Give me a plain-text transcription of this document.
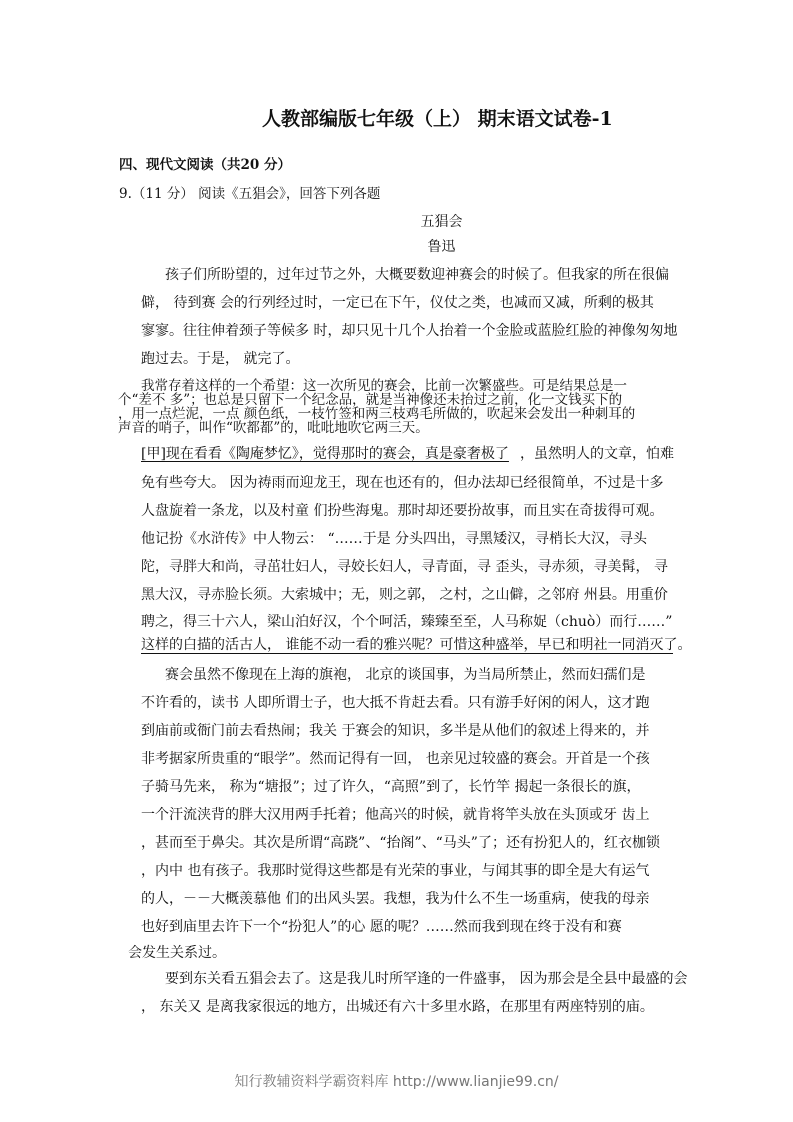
人教部编版七年级（上） 期末语文试卷-1
四、现代文阅读（共20 分）
9.（11 分） 阅读《五猖会》，回答下列各题
五猖会
鲁迅
孩子们所盼望的，过年过节之外，大概要数迎神赛会的时候了。但我家的所在很偏
僻， 待到赛 会的行列经过时，一定已在下午，仪仗之类，也减而又减，所剩的极其
寥寥。往往伸着颈子等候多 时，却只见十几个人抬着一个金脸或蓝脸红脸的神像匆匆地
跑过去。于是， 就完了。
我常存着这样的一个希望：这一次所见的赛会，比前一次繁盛些。可是结果总是一
个“差不 多”；也总是只留下一个纪念品，就是当神像还未抬过之前，化一文钱买下的
，用一点烂泥，一点 颜色纸，一枝竹签和两三枝鸡毛所做的，吹起来会发出一种刺耳的
声音的哨子，叫作“吹都都”的，吡吡地吹它两三天。
[甲]现在看看《陶庵梦忆》，觉得那时的赛会，真是豪奢极了 ，虽然明人的文章，怕难
免有些夸大。 因为祷雨而迎龙王，现在也还有的，但办法却已经很简单，不过是十多
人盘旋着一条龙，以及村童 们扮些海鬼。那时却还要扮故事，而且实在奇拔得可观。
他记扮《水浒传》中人物云： “……于是 分头四出，寻黑矮汉，寻梢长大汉，寻头
陀，寻胖大和尚，寻茁壮妇人，寻姣长妇人，寻青面，寻 歪头，寻赤须，寻美髯， 寻
黑大汉，寻赤脸长须。大索城中；无，则之郭， 之村，之山僻，之邻府 州县。用重价
聘之，得三十六人，梁山泊好汉，个个呵活，臻臻至至，人马称娖（chuò）而行……”
这样的白描的活古人， 谁能不动一看的雅兴呢？可惜这种盛举，早已和明社一同消灭了。
赛会虽然不像现在上海的旗袍， 北京的谈国事，为当局所禁止，然而妇孺们是
不许看的，读书 人即所谓士子，也大抵不肯赶去看。只有游手好闲的闲人，这才跑
到庙前或衙门前去看热闹；我关 于赛会的知识，多半是从他们的叙述上得来的，并
非考据家所贵重的“眼学”。然而记得有一回， 也亲见过较盛的赛会。开首是一个孩
子骑马先来， 称为“塘报”；过了许久，“高照”到了，长竹竿 揭起一条很长的旗，
一个汗流浃背的胖大汉用两手托着；他高兴的时候，就肯将竿头放在头顶或牙 齿上
，甚而至于鼻尖。其次是所谓“高跷”、“抬阁”、“马头”了；还有扮犯人的，红衣枷锁
，内中 也有孩子。我那时觉得这些都是有光荣的事业，与闻其事的即全是大有运气
的人，－－大概羡慕他 们的出风头罢。我想，我为什么不生一场重病，使我的母亲
也好到庙里去许下一个“扮犯人”的心 愿的呢？……然而我到现在终于没有和赛
会发生关系过。
要到东关看五猖会去了。这是我儿时所罕逢的一件盛事， 因为那会是全县中最盛的会
， 东关又 是离我家很远的地方，出城还有六十多里水路，在那里有两座特别的庙。
知行教辅资料学霸资料库 http://www.lianjie99.cn/
